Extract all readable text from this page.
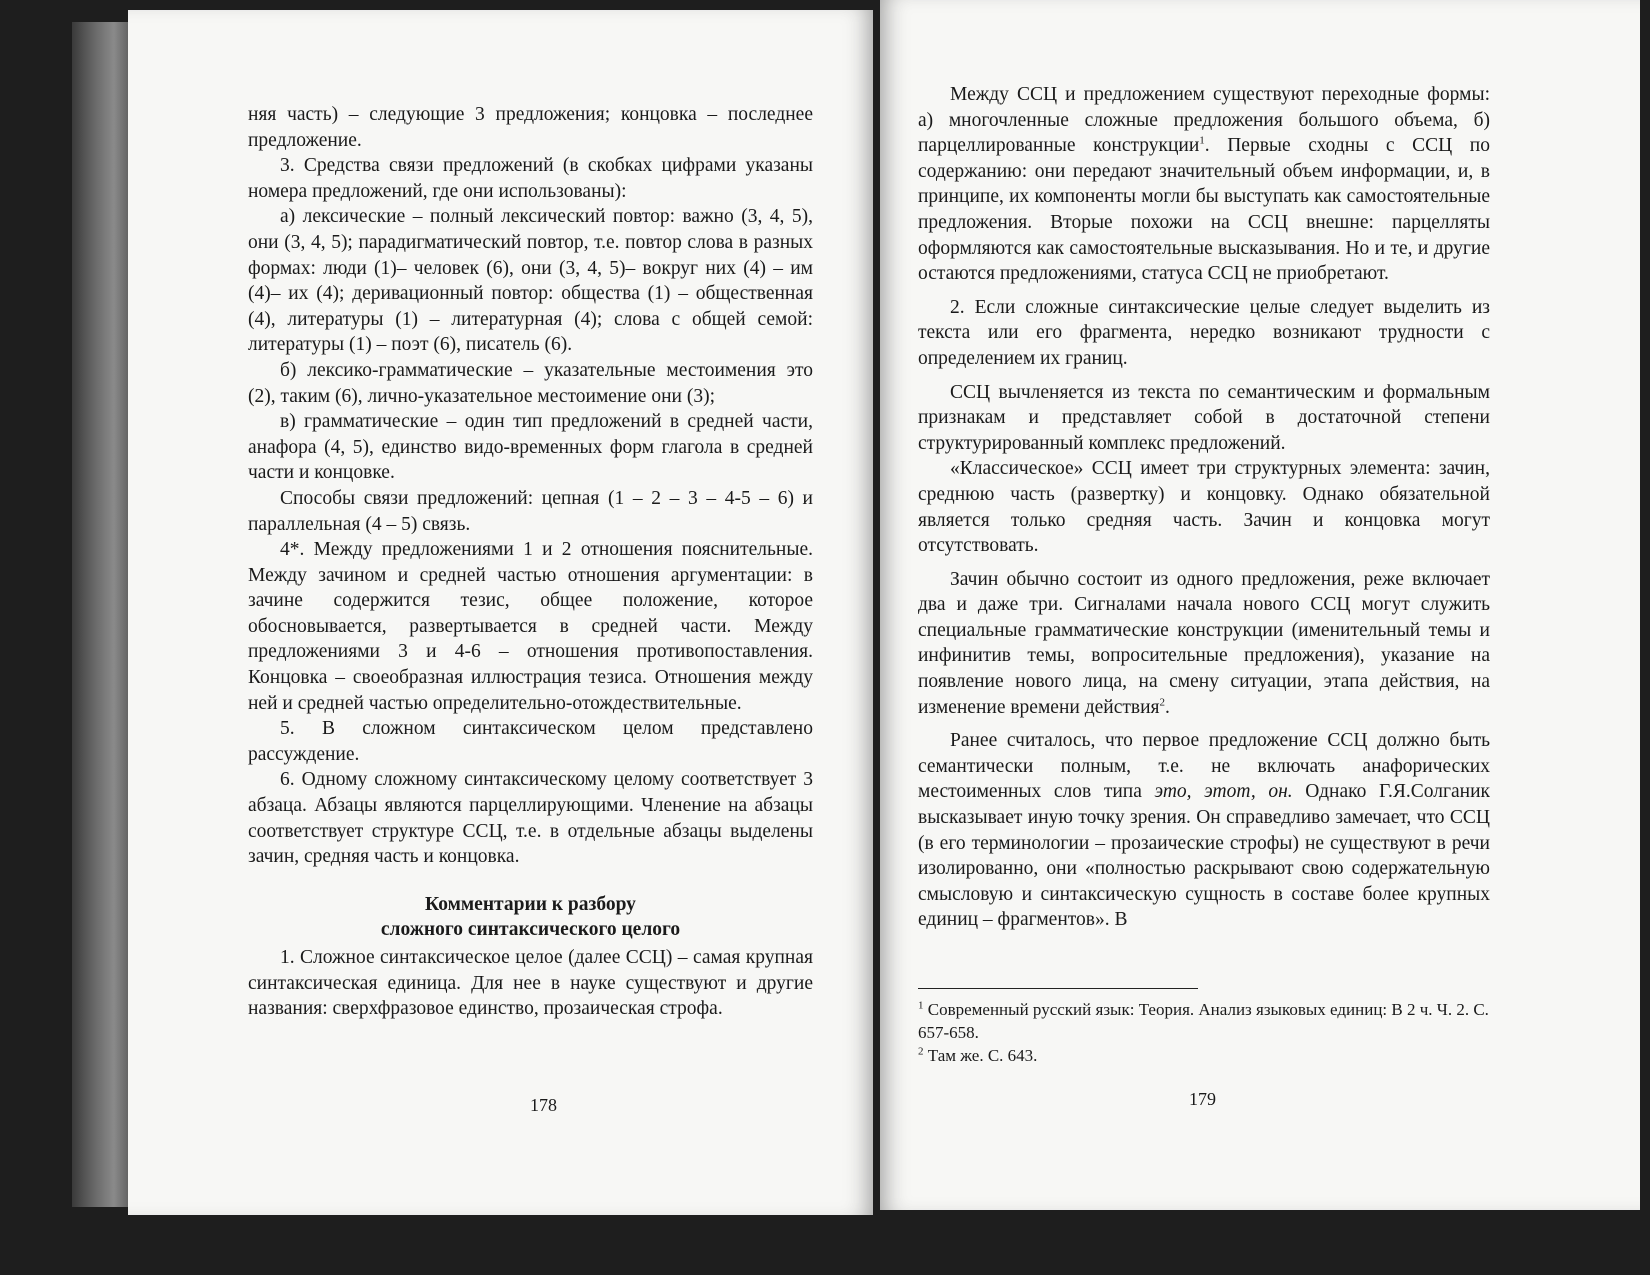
няя часть) – следующие 3 предложения; концовка – последнее предложение.

3. Средства связи предложений (в скобках цифрами указаны номера предложений, где они использованы):

а) лексические – полный лексический повтор: важно (3, 4, 5), они (3, 4, 5); парадигматический повтор, т.е. повтор слова в разных формах: люди (1)– человек (6), они (3, 4, 5)– вокруг них (4) – им (4)– их (4); деривационный повтор: общества (1) – общественная (4), литературы (1) – литературная (4); слова с общей семой: литературы (1) – поэт (6), писатель (6).

б) лексико-грамматические – указательные местоимения это (2), таким (6), лично-указательное местоимение они (3);

в) грамматические – один тип предложений в средней части, анафора (4, 5), единство видо-временных форм глагола в средней части и концовке.

Способы связи предложений: цепная (1 – 2 – 3 – 4-5 – 6) и параллельная (4 – 5) связь.

4*. Между предложениями 1 и 2 отношения пояснительные. Между зачином и средней частью отношения аргументации: в зачине содержится тезис, общее положение, которое обосновывается, развертывается в средней части. Между предложениями 3 и 4-6 – отношения противопоставления. Концовка – своеобразная иллюстрация тезиса. Отношения между ней и средней частью определительно-отождествительные.

5. В сложном синтаксическом целом представлено рассуждение.

6. Одному сложному синтаксическому целому соответствует 3 абзаца. Абзацы являются парцеллирующими. Членение на абзацы соответствует структуре ССЦ, т.е. в отдельные абзацы выделены зачин, средняя часть и концовка.

Комментарии к разбору
сложного синтаксического целого

1. Сложное синтаксическое целое (далее ССЦ) – самая крупная синтаксическая единица. Для нее в науке существуют и другие названия: сверхфразовое единство, прозаическая строфа.

178

Между ССЦ и предложением существуют переходные формы: а) многочленные сложные предложения большого объема, б) парцеллированные конструкции$^1$. Первые сходны с ССЦ по содержанию: они передают значительный объем информации, и, в принципе, их компоненты могли бы выступать как самостоятельные предложения. Вторые похожи на ССЦ внешне: парцелляты оформляются как самостоятельные высказывания. Но и те, и другие остаются предложениями, статуса ССЦ не приобретают.

2. Если сложные синтаксические целые следует выделить из текста или его фрагмента, нередко возникают трудности с определением их границ.

ССЦ вычленяется из текста по семантическим и формальным признакам и представляет собой в достаточной степени структурированный комплекс предложений.

«Классическое» ССЦ имеет три структурных элемента: зачин, среднюю часть (развертку) и концовку. Однако обязательной является только средняя часть. Зачин и концовка могут отсутствовать.

Зачин обычно состоит из одного предложения, реже включает два и даже три. Сигналами начала нового ССЦ могут служить специальные грамматические конструкции (именительный темы и инфинитив темы, вопросительные предложения), указание на появление нового лица, на смену ситуации, этапа действия, на изменение времени действия$^2$.

Ранее считалось, что первое предложение ССЦ должно быть семантически полным, т.е. не включать анафорических местоименных слов типа это, этот, он. Однако Г.Я.Солганик высказывает иную точку зрения. Он справедливо замечает, что ССЦ (в его терминологии – прозаические строфы) не существуют в речи изолированно, они «полностью раскрывают свою содержательную смысловую и синтаксическую сущность в составе более крупных единиц – фрагментов». В

$^1$ Современный русский язык: Теория. Анализ языковых единиц: В 2 ч. Ч. 2. С. 657-658.

$^2$ Там же. С. 643.

179
